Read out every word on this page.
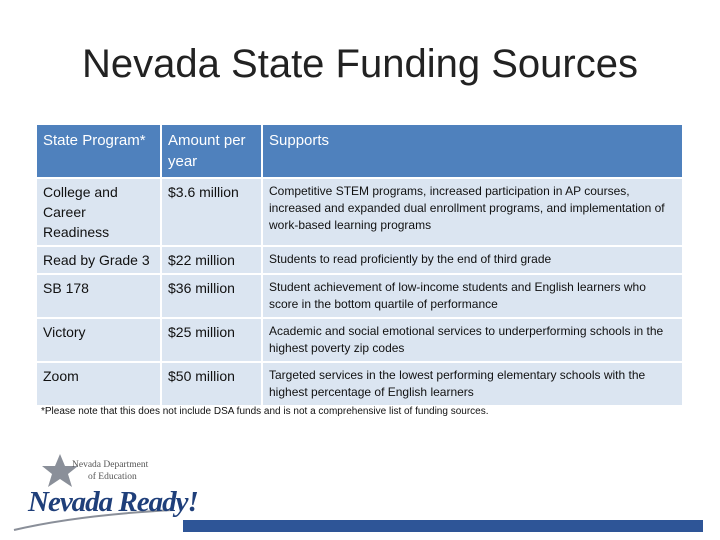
Nevada State Funding Sources
State Program*	Amount per year	Supports
College and Career Readiness	$3.6 million	Competitive STEM programs, increased participation in AP courses, increased and expanded dual enrollment programs, and implementation of work-based learning programs
Read by Grade 3	$22 million	Students to read proficiently by the end of third grade
SB 178	$36 million	Student achievement of low-income students and English learners who score in the bottom quartile of performance
Victory	$25 million	Academic and social emotional services to underperforming schools in the highest poverty zip codes
Zoom	$50 million	Targeted services in the lowest performing elementary schools with the highest percentage of English learners
*Please note that this does not include DSA funds and is not a comprehensive list of funding sources.
Nevada Department
of Education
Nevada Ready!
